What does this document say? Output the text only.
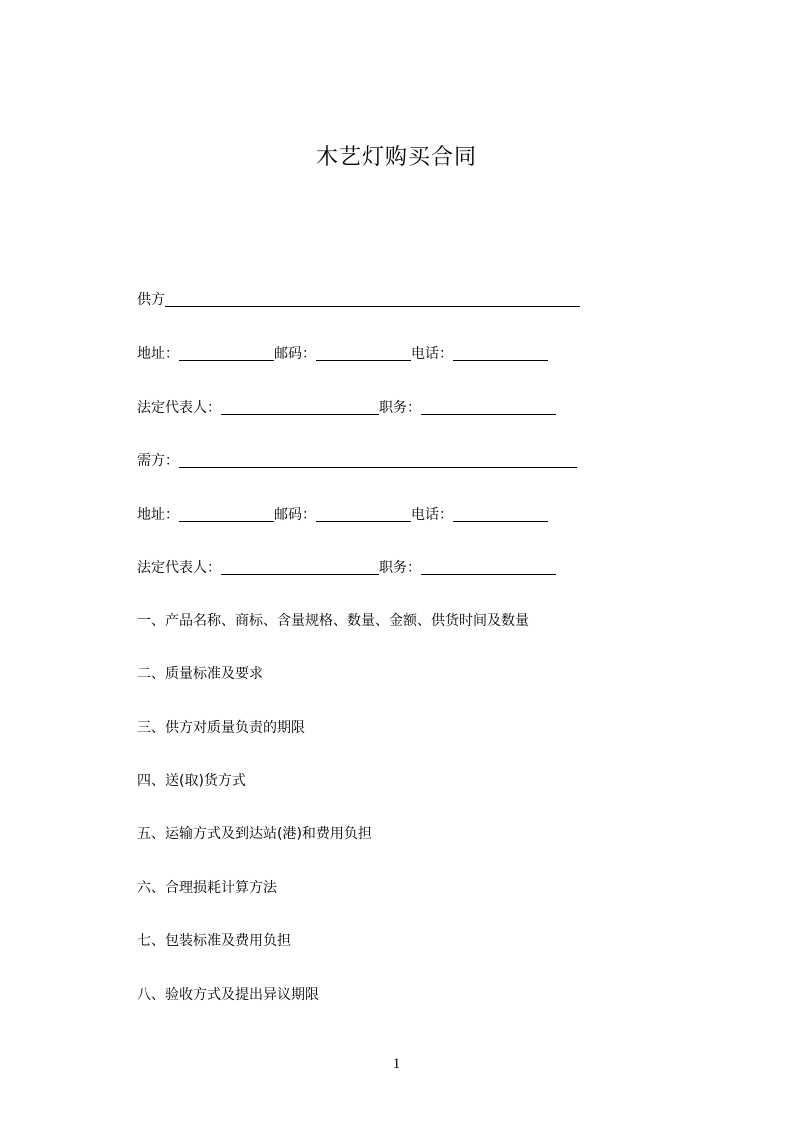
木艺灯购买合同
供方
地址：	邮码：	电话：
法定代表人：	职务：
需方：
地址：	邮码：	电话：
法定代表人：	职务：
一、产品名称、商标、含量规格、数量、金额、供货时间及数量
二、质量标准及要求
三、供方对质量负责的期限
四、送(取)货方式
五、运输方式及到达站(港)和费用负担
六、合理损耗计算方法
七、包装标准及费用负担
八、验收方式及提出异议期限
1
